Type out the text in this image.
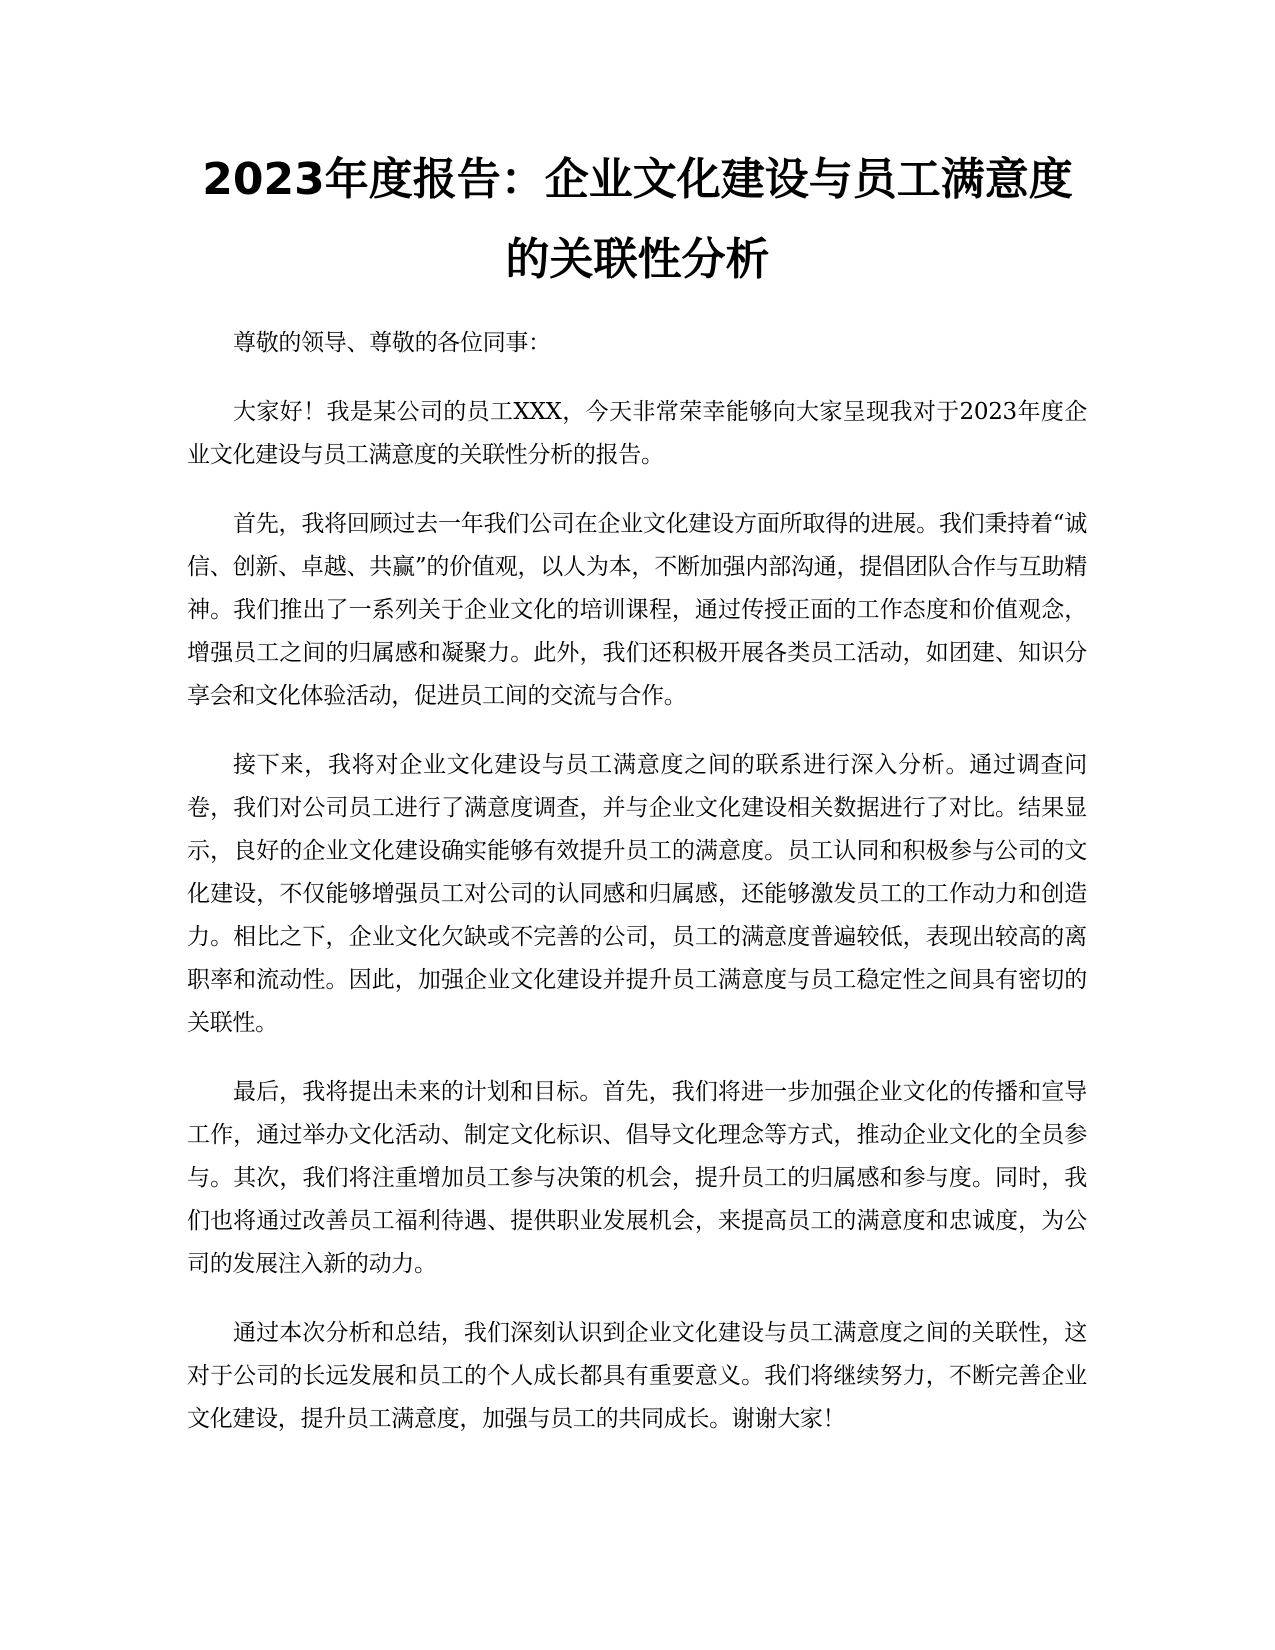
2023年度报告：企业文化建设与员工满意度
的关联性分析

尊敬的领导、尊敬的各位同事：

大家好！我是某公司的员工XXX，今天非常荣幸能够向大家呈现我对于2023年度企业文化建设与员工满意度的关联性分析的报告。

首先，我将回顾过去一年我们公司在企业文化建设方面所取得的进展。我们秉持着“诚信、创新、卓越、共赢”的价值观，以人为本，不断加强内部沟通，提倡团队合作与互助精神。我们推出了一系列关于企业文化的培训课程，通过传授正面的工作态度和价值观念，增强员工之间的归属感和凝聚力。此外，我们还积极开展各类员工活动，如团建、知识分享会和文化体验活动，促进员工间的交流与合作。

接下来，我将对企业文化建设与员工满意度之间的联系进行深入分析。通过调查问卷，我们对公司员工进行了满意度调查，并与企业文化建设相关数据进行了对比。结果显示，良好的企业文化建设确实能够有效提升员工的满意度。员工认同和积极参与公司的文化建设，不仅能够增强员工对公司的认同感和归属感，还能够激发员工的工作动力和创造力。相比之下，企业文化欠缺或不完善的公司，员工的满意度普遍较低，表现出较高的离职率和流动性。因此，加强企业文化建设并提升员工满意度与员工稳定性之间具有密切的关联性。

最后，我将提出未来的计划和目标。首先，我们将进一步加强企业文化的传播和宣导工作，通过举办文化活动、制定文化标识、倡导文化理念等方式，推动企业文化的全员参与。其次，我们将注重增加员工参与决策的机会，提升员工的归属感和参与度。同时，我们也将通过改善员工福利待遇、提供职业发展机会，来提高员工的满意度和忠诚度，为公司的发展注入新的动力。

通过本次分析和总结，我们深刻认识到企业文化建设与员工满意度之间的关联性，这对于公司的长远发展和员工的个人成长都具有重要意义。我们将继续努力，不断完善企业文化建设，提升员工满意度，加强与员工的共同成长。谢谢大家！
